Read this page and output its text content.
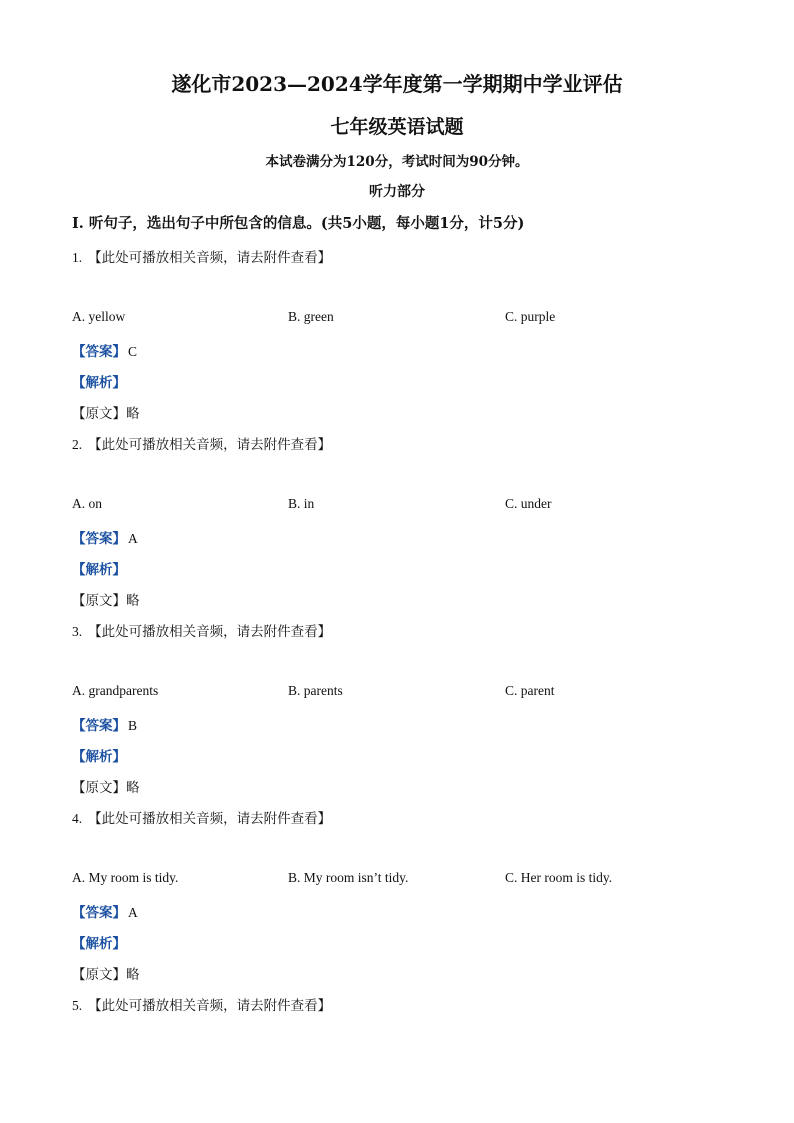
遂化市2023—2024学年度第一学期期中学业评估
七年级英语试题
本试卷满分为120分，考试时间为90分钟。
听力部分
Ⅰ. 听句子，选出句子中所包含的信息。(共5小题，每小题1分，计5分)
1. 【此处可播放相关音频，请去附件查看】
A. yellow	B. green	C. purple
【答案】 C
【解析】
【原文】略
2. 【此处可播放相关音频，请去附件查看】
A. on	B. in	C. under
【答案】 A
【解析】
【原文】略
3. 【此处可播放相关音频，请去附件查看】
A. grandparents	B. parents	C. parent
【答案】 B
【解析】
【原文】略
4. 【此处可播放相关音频，请去附件查看】
A. My room is tidy.	B. My room isn’t tidy.	C. Her room is tidy.
【答案】 A
【解析】
【原文】略
5. 【此处可播放相关音频，请去附件查看】
